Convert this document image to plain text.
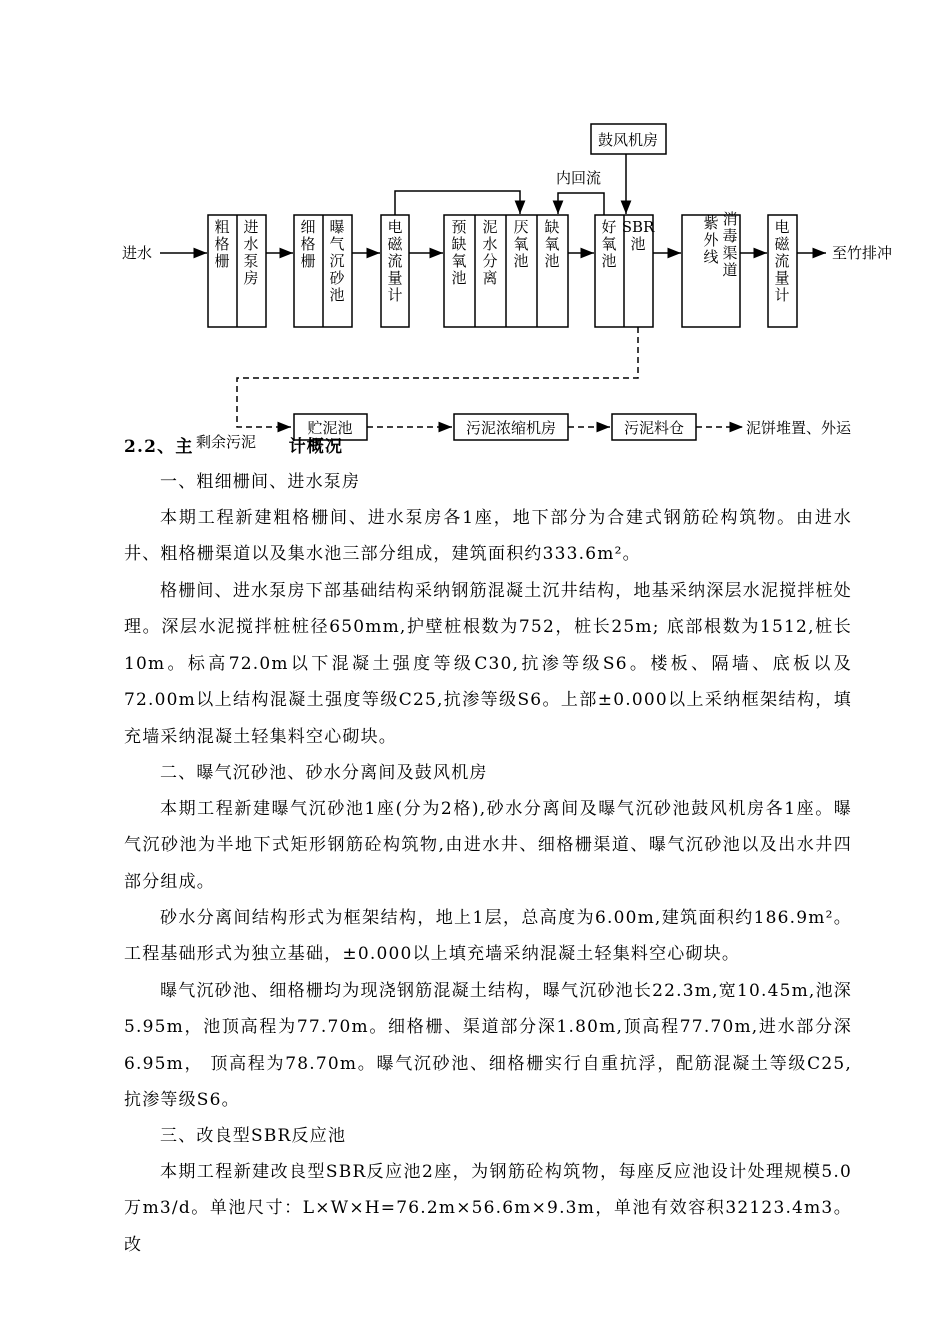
进水
粗格栅
进水泵房
细格栅
曝气沉砂池
电磁流量计
预缺氧池
泥水分离
厌氧池
缺氧池
好氧池
SBR 池
紫外线
消毒渠道
电磁流量计
至竹排冲
鼓风机房
内回流
剩余污泥
贮泥池	污泥浓缩机房	污泥料仓	泥饼堆置、外运
2.2、主	计概况

一、粗细栅间、进水泵房

本期工程新建粗格栅间、进水泵房各1座，地下部分为合建式钢筋砼构筑物。由进水井、粗格栅渠道以及集水池三部分组成，建筑面积约333.6m²。

格栅间、进水泵房下部基础结构采纳钢筋混凝土沉井结构，地基采纳深层水泥搅拌桩处理。深层水泥搅拌桩桩径650mm,护壁桩根数为752，桩长25m; 底部根数为1512,桩长10m。标高72.0m以下混凝土强度等级C30,抗渗等级S6。楼板、隔墙、底板以及72.00m以上结构混凝土强度等级C25,抗渗等级S6。上部±0.000以上采纳框架结构，填充墙采纳混凝土轻集料空心砌块。

二、曝气沉砂池、砂水分离间及鼓风机房

本期工程新建曝气沉砂池1座(分为2格),砂水分离间及曝气沉砂池鼓风机房各1座。曝气沉砂池为半地下式矩形钢筋砼构筑物,由进水井、细格栅渠道、曝气沉砂池以及出水井四部分组成。

砂水分离间结构形式为框架结构，地上1层，总高度为6.00m,建筑面积约186.9m²。工程基础形式为独立基础，±0.000以上填充墙采纳混凝土轻集料空心砌块。

曝气沉砂池、细格栅均为现浇钢筋混凝土结构，曝气沉砂池长22.3m,宽10.45m,池深5.95m，池顶高程为77.70m。细格栅、渠道部分深1.80m,顶高程77.70m,进水部分深6.95m， 顶高程为78.70m。曝气沉砂池、细格栅实行自重抗浮，配筋混凝土等级C25,抗渗等级S6。

三、改良型SBR反应池

本期工程新建改良型SBR反应池2座，为钢筋砼构筑物，每座反应池设计处理规模5.0万m3/d。单池尺寸：L×W×H=76.2m×56.6m×9.3m，单池有效容积32123.4m3。改
